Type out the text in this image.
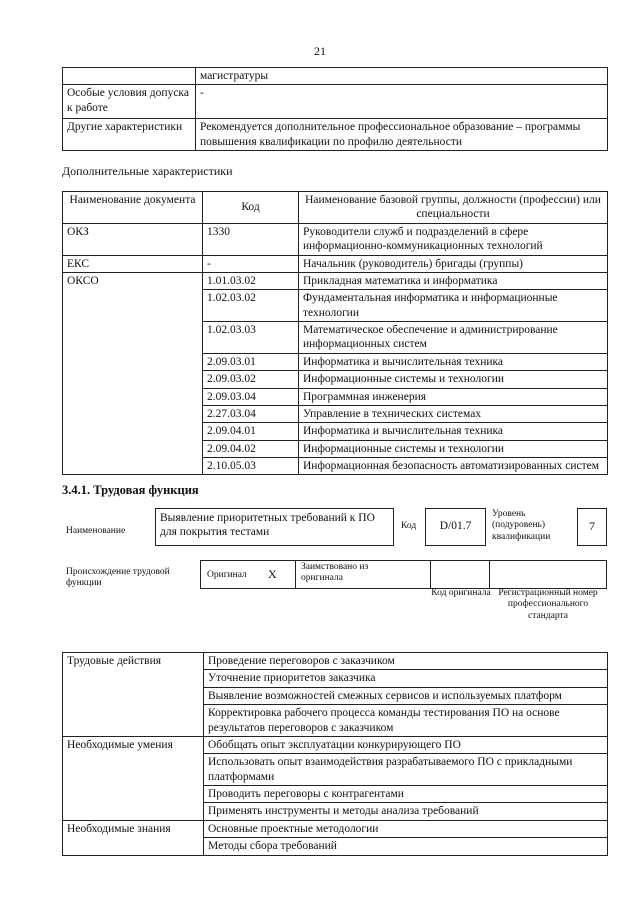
21
	магистратуры
Особые условия допуска к работе	-
Другие характеристики	Рекомендуется дополнительное профессиональное образование – программы повышения квалификации по профилю деятельности
Дополнительные характеристики
Наименование документа	Код	Наименование базовой группы, должности (профессии) или специальности
ОКЗ	1330	Руководители служб и подразделений в сфере информационно-коммуникационных технологий
ЕКС	-	Начальник (руководитель) бригады (группы)
ОКСО	1.01.03.02	Прикладная математика и информатика
	1.02.03.02	Фундаментальная информатика и информационные технологии
	1.02.03.03	Математическое обеспечение и администрирование информационных систем
	2.09.03.01	Информатика и вычислительная техника
	2.09.03.02	Информационные системы и технологии
	2.09.03.04	Программная инженерия
	2.27.03.04	Управление в технических системах
	2.09.04.01	Информатика и вычислительная техника
	2.09.04.02	Информационные системы и технологии
	2.10.05.03	Информационная безопасность автоматизированных систем
3.4.1. Трудовая функция
Наименование
Выявление приоритетных требований к ПО для покрытия тестами
Код	D/01.7
Уровень (подуровень) квалификации
7
Происхождение трудовой функции
Оригинал X	Заимствовано из оригинала
Код оригинала Регистрационный номер профессионального стандарта
Трудовые действия	Проведение переговоров с заказчиком
	Уточнение приоритетов заказчика
	Выявление возможностей смежных сервисов и используемых платформ
	Корректировка рабочего процесса команды тестирования ПО на основе результатов переговоров с заказчиком
Необходимые умения	Обобщать опыт эксплуатации конкурирующего ПО
	Использовать опыт взаимодействия разрабатываемого ПО с прикладными платформами
	Проводить переговоры с контрагентами
	Применять инструменты и методы анализа требований
Необходимые знания	Основные проектные методологии
	Методы сбора требований
